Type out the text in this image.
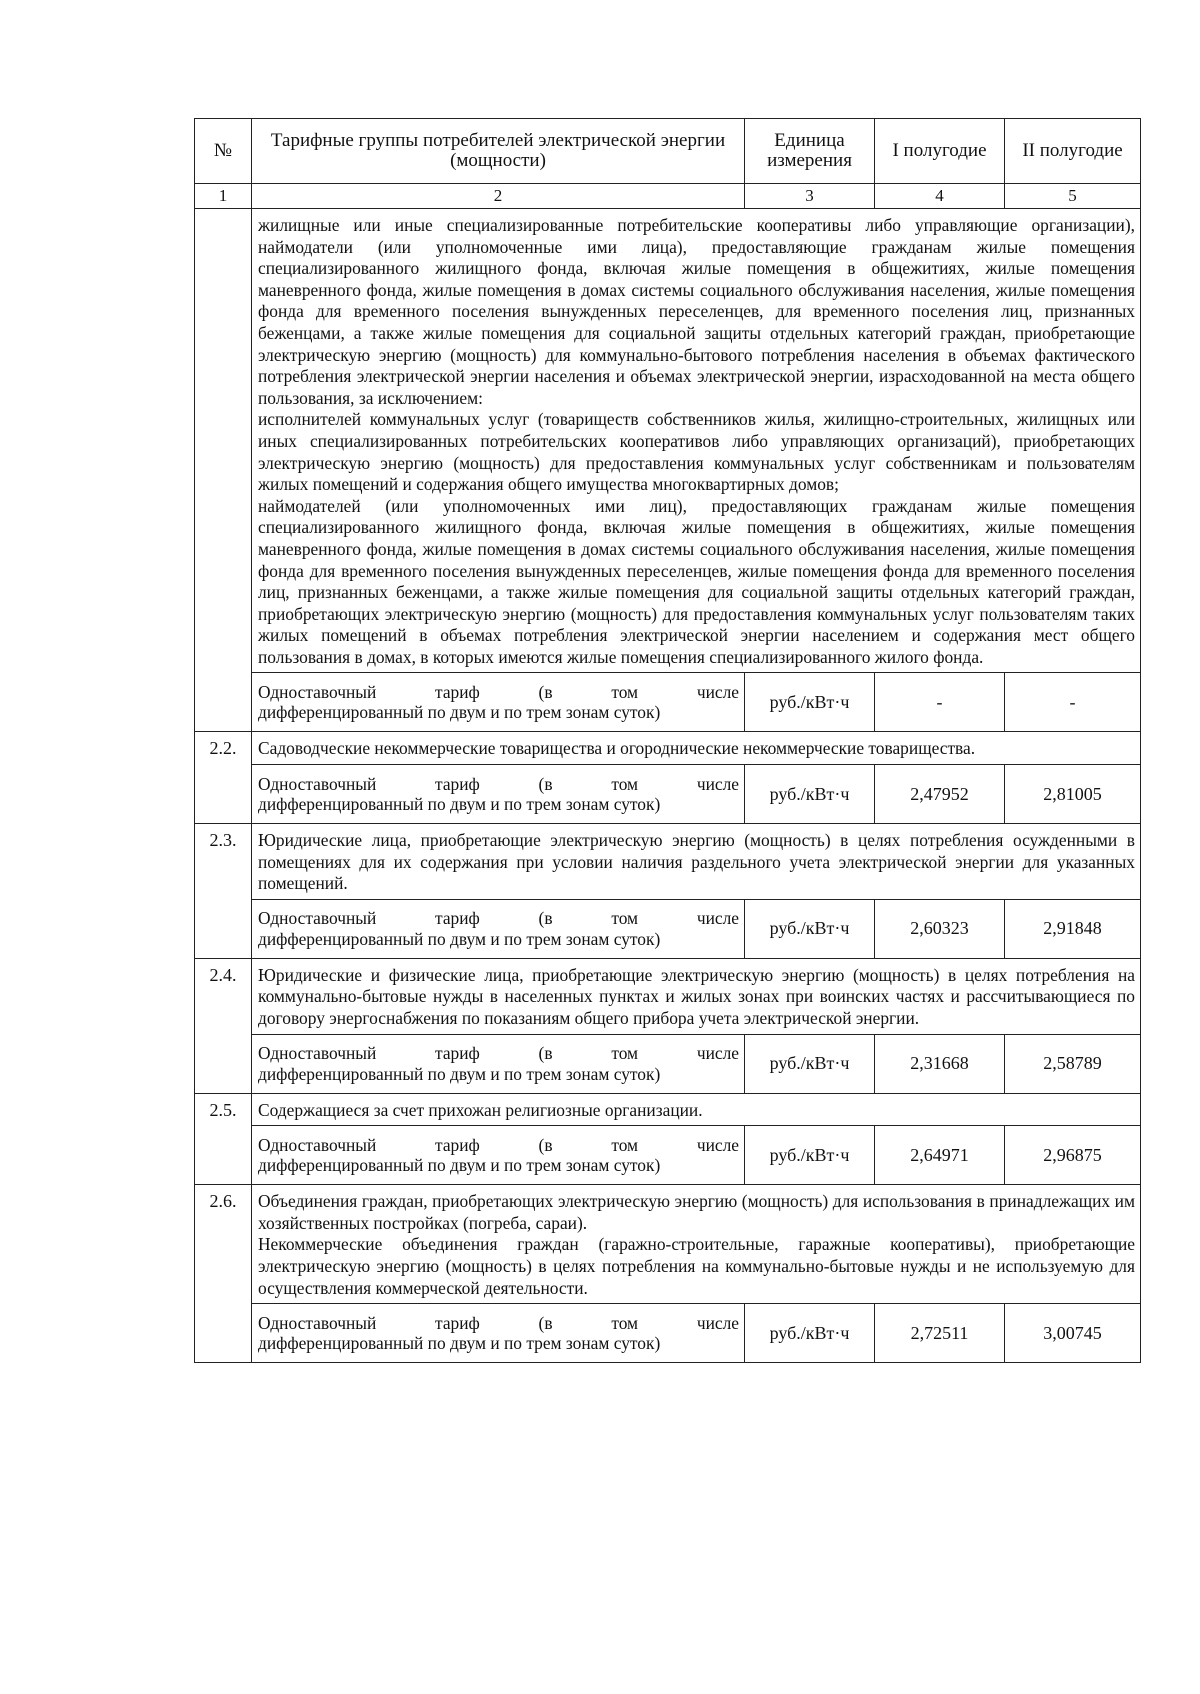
№	Тарифные группы потребителей электрической энергии (мощности)	Единица измерения	I полугодие	II полугодие
1	2	3	4	5

	жилищные или иные специализированные потребительские кооперативы либо управляющие организации), наймодатели (или уполномоченные ими лица), предоставляющие гражданам жилые помещения специализированного жилищного фонда, включая жилые помещения в общежитиях, жилые помещения маневренного фонда, жилые помещения в домах системы социального обслуживания населения, жилые помещения фонда для временного поселения вынужденных переселенцев, для временного поселения лиц, признанных беженцами, а также жилые помещения для социальной защиты отдельных категорий граждан, приобретающие электрическую энергию (мощность) для коммунально-бытового потребления населения в объемах фактического потребления электрической энергии населения и объемах электрической энергии, израсходованной на места общего пользования, за исключением:

исполнителей коммунальных услуг (товариществ собственников жилья, жилищно-строительных, жилищных или иных специализированных потребительских кооперативов либо управляющих организаций), приобретающих электрическую энергию (мощность) для предоставления коммунальных услуг собственникам и пользователям жилых помещений и содержания общего имущества многоквартирных домов;

наймодателей (или уполномоченных ими лиц), предоставляющих гражданам жилые помещения специализированного жилищного фонда, включая жилые помещения в общежитиях, жилые помещения маневренного фонда, жилые помещения в домах системы социального обслуживания населения, жилые помещения фонда для временного поселения вынужденных переселенцев, жилые помещения фонда для временного поселения лиц, признанных беженцами, а также жилые помещения для социальной защиты отдельных категорий граждан, приобретающих электрическую энергию (мощность) для предоставления коммунальных услуг пользователям таких жилых помещений в объемах потребления электрической энергии населением и содержания мест общего пользования в домах, в которых имеются жилые помещения специализированного жилого фонда.			

	Одноставочный тариф (в том числе
дифференцированный по двум и по трем зонам суток)	руб./кВт·ч	-	-
2.2.	Садоводческие некоммерческие товарищества и огороднические некоммерческие товарищества.			

	Одноставочный тариф (в том числе
дифференцированный по двум и по трем зонам суток)	руб./кВт·ч	2,47952	2,81005
2.3.	Юридические лица, приобретающие электрическую энергию (мощность) в целях потребления осужденными в помещениях для их содержания при условии наличия раздельного учета электрической энергии для указанных помещений.			

	Одноставочный тариф (в том числе
дифференцированный по двум и по трем зонам суток)	руб./кВт·ч	2,60323	2,91848
2.4.	Юридические и физические лица, приобретающие электрическую энергию (мощность) в целях потребления на коммунально-бытовые нужды в населенных пунктах и жилых зонах при воинских частях и рассчитывающиеся по договору энергоснабжения по показаниям общего прибора учета электрической энергии.			

	Одноставочный тариф (в том числе
дифференцированный по двум и по трем зонам суток)	руб./кВт·ч	2,31668	2,58789
2.5.	Содержащиеся за счет прихожан религиозные организации.			

	Одноставочный тариф (в том числе
дифференцированный по двум и по трем зонам суток)	руб./кВт·ч	2,64971	2,96875
2.6.	Объединения граждан, приобретающих электрическую энергию (мощность) для использования в принадлежащих им хозяйственных постройках (погреба, сараи).

Некоммерческие объединения граждан (гаражно-строительные, гаражные кооперативы), приобретающие электрическую энергию (мощность) в целях потребления на коммунально-бытовые нужды и не используемую для осуществления коммерческой деятельности.			

	Одноставочный тариф (в том числе
дифференцированный по двум и по трем зонам суток)	руб./кВт·ч	2,72511	3,00745
